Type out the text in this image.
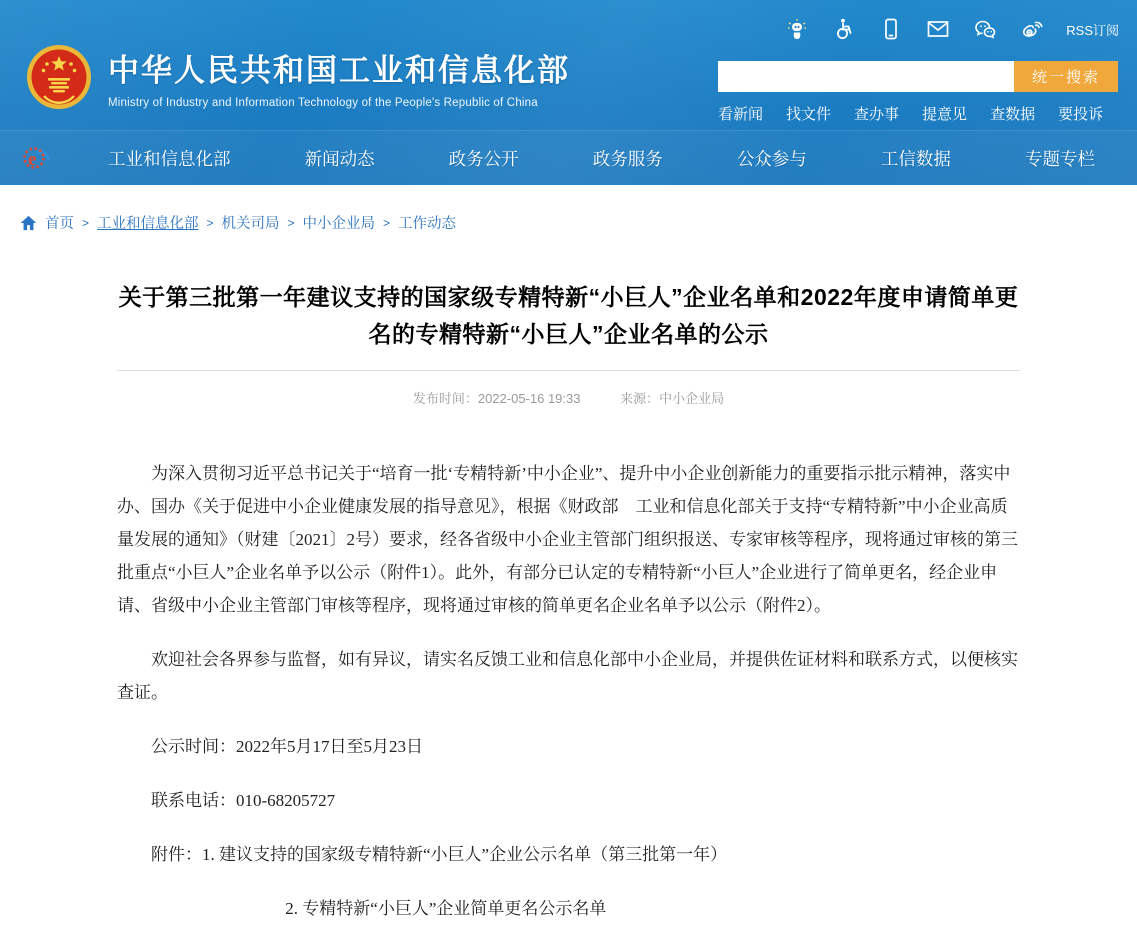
RSS订阅
中华人民共和国工业和信息化部
Ministry of Industry and Information Technology of the People's Republic of China
统一搜索
看新闻 找文件 查办事 提意见 查数据 要投诉
e	工业和信息化部	新闻动态	政务公开	政务服务	公众参与	工信数据	专题专栏
首页 > 工业和信息化部 > 机关司局 > 中小企业局 > 工作动态
关于第三批第一年建议支持的国家级专精特新“小巨人”企业名单和2022年度申请简单更名的专精特新“小巨人”企业名单的公示
发布时间：2022-05-16 19:33	来源：中小企业局

为深入贯彻习近平总书记关于“培育一批‘专精特新’中小企业”、提升中小企业创新能力的重要指示批示精神，落实中办、国办《关于促进中小企业健康发展的指导意见》，根据《财政部　工业和信息化部关于支持“专精特新”中小企业高质量发展的通知》（财建〔2021〕2号）要求，经各省级中小企业主管部门组织报送、专家审核等程序，现将通过审核的第三批重点“小巨人”企业名单予以公示（附件1）。此外，有部分已认定的专精特新“小巨人”企业进行了简单更名，经企业申请、省级中小企业主管部门审核等程序，现将通过审核的简单更名企业名单予以公示（附件2）。

欢迎社会各界参与监督，如有异议，请实名反馈工业和信息化部中小企业局，并提供佐证材料和联系方式，以便核实查证。

公示时间：2022年5月17日至5月23日

联系电话：010-68205727

附件：1. 建议支持的国家级专精特新“小巨人”企业公示名单（第三批第一年）

2. 专精特新“小巨人”企业简单更名公示名单
